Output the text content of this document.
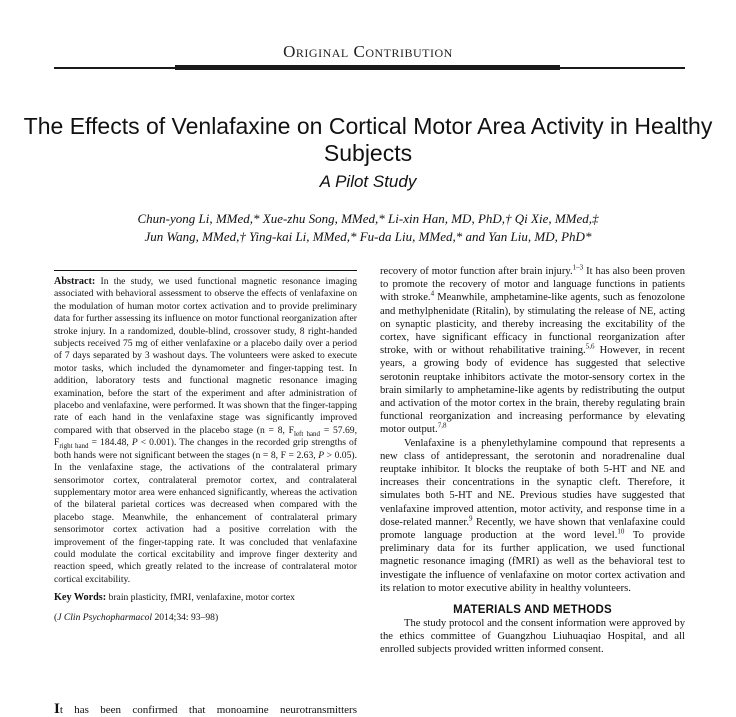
Original Contribution
The Effects of Venlafaxine on Cortical Motor Area Activity in Healthy Subjects
A Pilot Study
Chun-yong Li, MMed,* Xue-zhu Song, MMed,* Li-xin Han, MD, PhD,† Qi Xie, MMed,‡
Jun Wang, MMed,† Ying-kai Li, MMed,* Fu-da Liu, MMed,* and Yan Liu, MD, PhD*

Abstract: In the study, we used functional magnetic resonance imaging associated with behavioral assessment to observe the effects of venlafaxine on the modulation of human motor cortex activation and to provide preliminary data for further assessing its influence on motor functional reorganization after stroke injury. In a randomized, double-blind, crossover study, 8 right-handed subjects received 75 mg of either venlafaxine or a placebo daily over a period of 7 days separated by 3 washout days. The volunteers were asked to execute motor tasks, which included the dynamometer and finger-tapping test. In addition, laboratory tests and functional magnetic resonance imaging examination, before the start of the experiment and after administration of placebo and venlafaxine, were performed. It was shown that the finger-tapping rate of each hand in the venlafaxine stage was significantly improved compared with that observed in the placebo stage (n = 8, $F_{left hand} = 57.69$, $F_{right hand} = 184.48$, P < 0.001). The changes in the recorded grip strengths of both hands were not significant between the stages (n = 8, F = 2.63, P > 0.05). In the venlafaxine stage, the activations of the contralateral primary sensorimotor cortex, contralateral premotor cortex, and contralateral supplementary motor area were enhanced significantly, whereas the activation of the bilateral parietal cortices was decreased when compared with the placebo stage. Meanwhile, the enhancement of contralateral primary sensorimotor cortex activation had a positive correlation with the improvement of the finger-tapping rate. It was concluded that venlafaxine could modulate the cortical excitability and improve finger dexterity and reaction speed, which greatly related to the increase of contralateral motor cortical excitability.

Key Words: brain plasticity, fMRI, venlafaxine, motor cortex

(J Clin Psychopharmacol 2014;34: 93–98)

It has been confirmed that monoamine neurotransmitters

recovery of motor function after brain injury.$^{1-3}$ It has also been proven to promote the recovery of motor and language functions in patients with stroke.$^4$ Meanwhile, amphetamine-like agents, such as fenozolone and methylphenidate (Ritalin), by stimulating the release of NE, acting on synaptic plasticity, and thereby increasing the excitability of the cortex, have significant efficacy in functional reorganization after stroke, with or without rehabilitative training.$^{5,6}$ However, in recent years, a growing body of evidence has suggested that selective serotonin reuptake inhibitors activate the motor-sensory cortex in the brain similarly to amphetamine-like agents by redistributing the output and activation of the motor cortex in the brain, thereby regulating brain functional reorganization and increasing performance by elevating motor output.$^{7,8}$

Venlafaxine is a phenylethylamine compound that represents a new class of antidepressant, the serotonin and noradrenaline dual reuptake inhibitor. It blocks the reuptake of both 5-HT and NE and increases their concentrations in the synaptic cleft. Therefore, it simulates both 5-HT and NE. Previous studies have suggested that venlafaxine improved attention, motor activity, and response time in a dose-related manner.$^9$ Recently, we have shown that venlafaxine could promote language production at the word level.$^{10}$ To provide preliminary data for its further application, we used functional magnetic resonance imaging (fMRI) as well as the behavioral test to investigate the influence of venlafaxine on motor cortex activation and its relation to motor executive ability in healthy volunteers.

MATERIALS AND METHODS

The study protocol and the consent information were approved by the ethics committee of Guangzhou Liuhuaqiao Hospital, and all enrolled subjects provided written informed consent.
